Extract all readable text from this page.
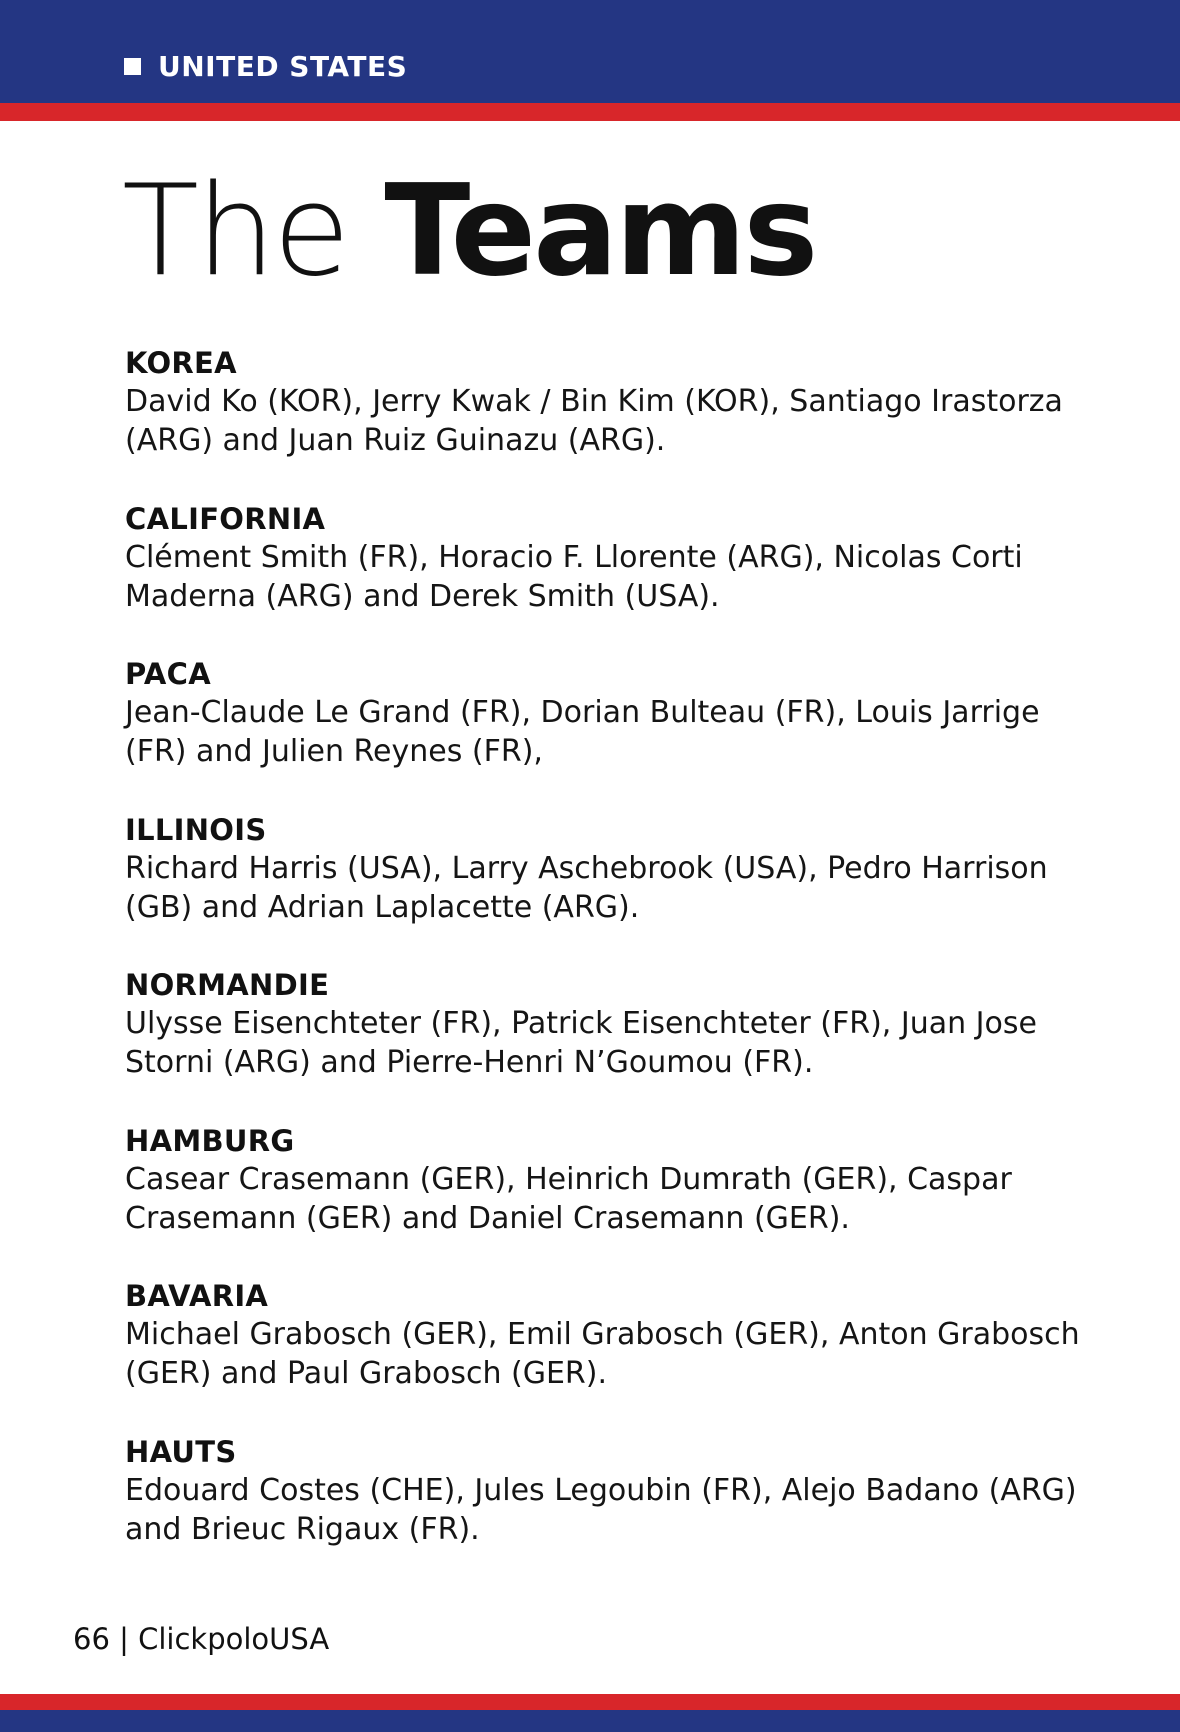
UNITED STATES
The Teams
KOREA
David Ko (KOR), Jerry Kwak / Bin Kim (KOR), Santiago Irastorza (ARG) and Juan Ruiz Guinazu (ARG).
CALIFORNIA
Clément Smith (FR), Horacio F. Llorente (ARG), Nicolas Corti Maderna (ARG) and Derek Smith (USA).
PACA
Jean-Claude Le Grand (FR), Dorian Bulteau (FR), Louis Jarrige (FR) and Julien Reynes (FR),
ILLINOIS
Richard Harris (USA), Larry Aschebrook (USA), Pedro Harrison (GB) and Adrian Laplacette (ARG).
NORMANDIE
Ulysse Eisenchteter (FR), Patrick Eisenchteter (FR), Juan Jose Storni (ARG) and Pierre-Henri N’Goumou (FR).
HAMBURG
Casear Crasemann (GER), Heinrich Dumrath (GER), Caspar Crasemann (GER) and Daniel Crasemann (GER).
BAVARIA
Michael Grabosch (GER), Emil Grabosch (GER), Anton Grabosch (GER) and Paul Grabosch (GER).
HAUTS
Edouard Costes (CHE), Jules Legoubin (FR), Alejo Badano (ARG) and Brieuc Rigaux (FR).
66 | ClickpoloUSA
